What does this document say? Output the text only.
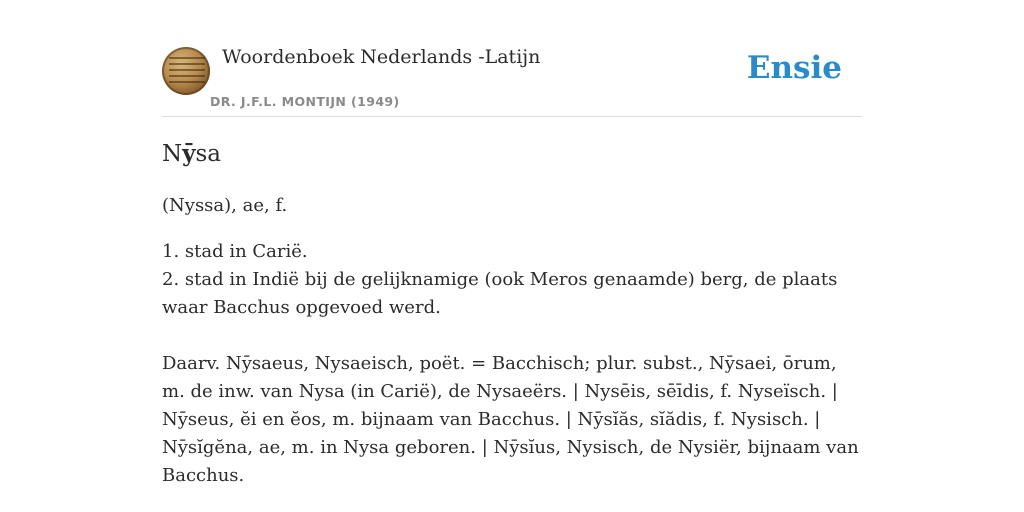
Woordenboek Nederlands -Latijn
DR. J.F.L. MONTIJN (1949)
Ensie
Nȳsa

(Nyssa), ae, f.

1. stad in Carië.

2. stad in Indië bij de gelijknamige (ook Meros genaamde) berg, de plaats waar Bacchus opgevoed werd.

Daarv. Nȳsaeus, Nysaeisch, poët. = Bacchisch; plur. subst., Nȳsaei, ōrum, m. de inw. van Nysa (in Carië), de Nysaeërs. | Nysēis, sēīdis, f. Nyseïsch. | Nȳseus, ĕi en ĕos, m. bijnaam van Bacchus. | Nȳsĭăs, sĭădis, f. Nysisch. | Nȳsĭgĕna, ae, m. in Nysa geboren. | Nȳsĭus, Nysisch, de Nysiër, bijnaam van Bacchus.
